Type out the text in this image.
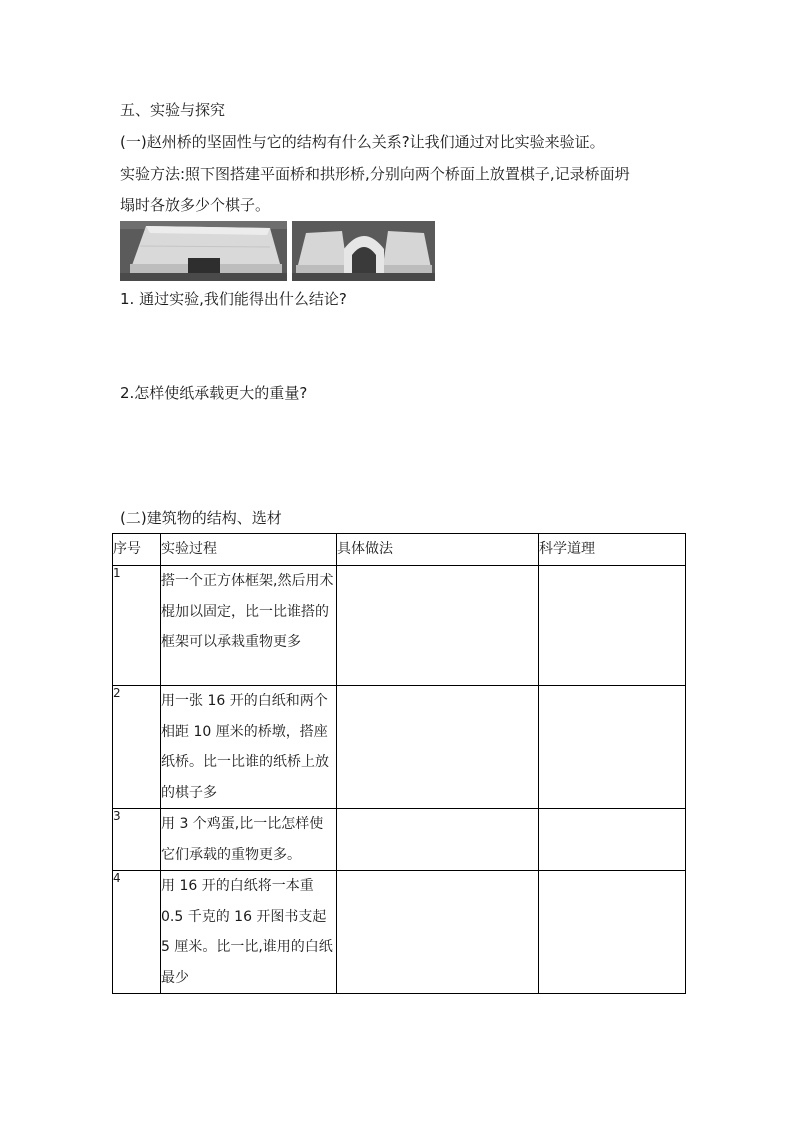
五、实验与探究
(一)赵州桥的坚固性与它的结构有什么关系?让我们通过对比实验来验证。
实验方法:照下图搭建平面桥和拱形桥,分别向两个桥面上放置棋子,记录桥面坍
塌时各放多少个棋子。
1. 通过实验,我们能得出什么结论?
2.怎样使纸承载更大的重量?
(二)建筑物的结构、选材
序号	实验过程	具体做法	科学道理
1	搭一个正方体框架,然后用术棍加以固定，比一比谁搭的框架可以承栽重物更多		
2	用一张 16 开的白纸和两个相距 10 厘米的桥墩，搭座纸桥。比一比谁的纸桥上放的棋子多		
3	用 3 个鸡蛋,比一比怎样使它们承载的重物更多。		
4	用 16 开的白纸将一本重 0.5 千克的 16 开图书支起 5 厘米。比一比,谁用的白纸最少		
